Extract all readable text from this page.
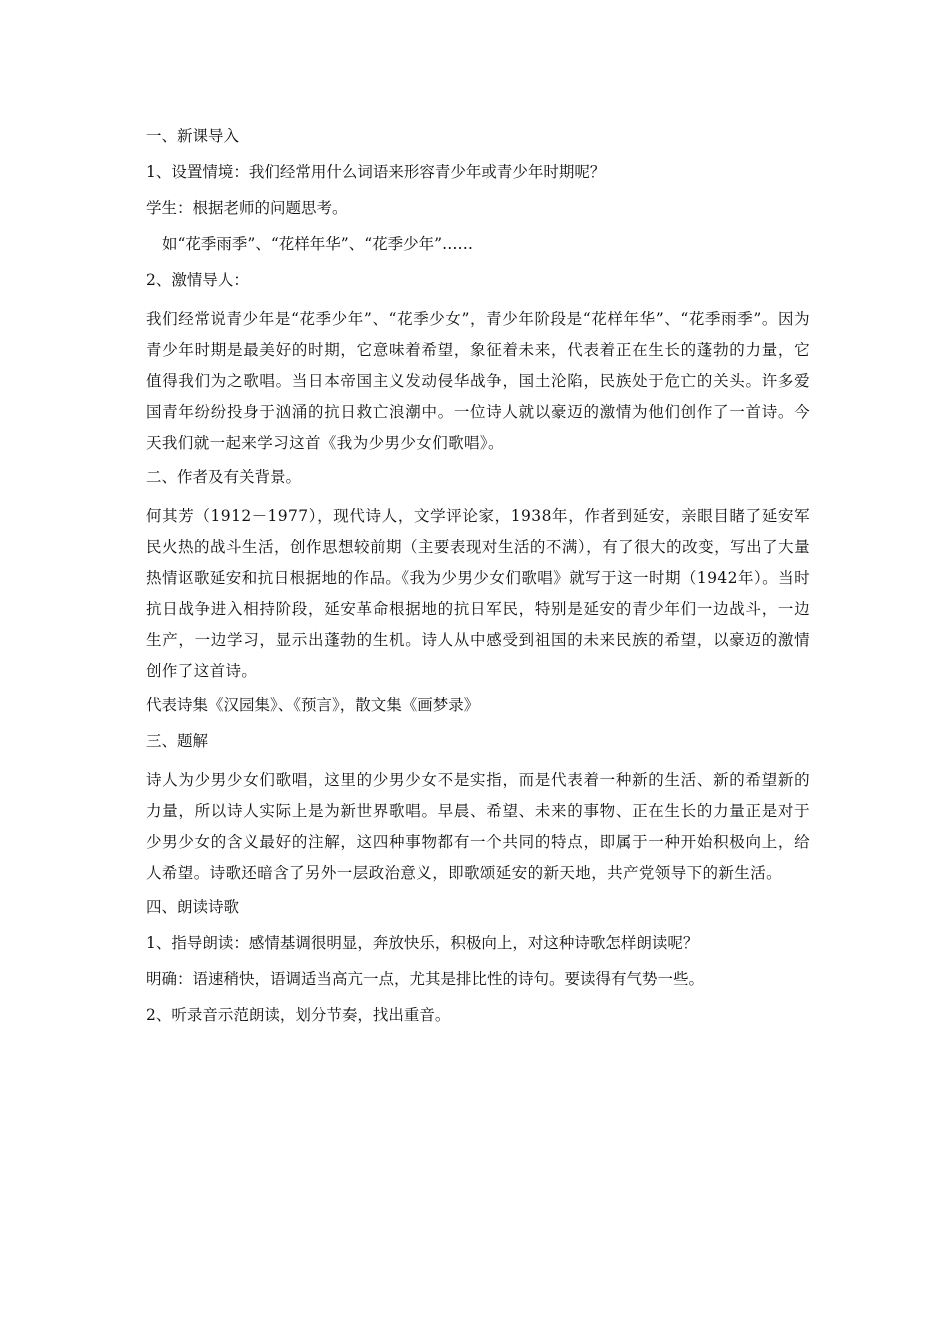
一、新课导入

1、设置情境：我们经常用什么词语来形容青少年或青少年时期呢？

学生：根据老师的问题思考。

如“花季雨季”、“花样年华”、“花季少年”……

2、激情导人：

我们经常说青少年是“花季少年”、“花季少女”，青少年阶段是“花样年华”、“花季雨季”。因为青少年时期是最美好的时期，它意味着希望，象征着未来，代表着正在生长的蓬勃的力量，它值得我们为之歌唱。当日本帝国主义发动侵华战争，国土沦陷，民族处于危亡的关头。许多爱国青年纷纷投身于汹涌的抗日救亡浪潮中。一位诗人就以豪迈的激情为他们创作了一首诗。今天我们就一起来学习这首《我为少男少女们歌唱》。

二、作者及有关背景。

何其芳（1912－1977），现代诗人，文学评论家，1938年，作者到延安，亲眼目睹了延安军民火热的战斗生活，创作思想较前期（主要表现对生活的不满），有了很大的改变，写出了大量热情讴歌延安和抗日根据地的作品。《我为少男少女们歌唱》就写于这一时期（1942年）。当时抗日战争进入相持阶段，延安革命根据地的抗日军民，特别是延安的青少年们一边战斗，一边生产，一边学习，显示出蓬勃的生机。诗人从中感受到祖国的未来民族的希望，以豪迈的激情创作了这首诗。

代表诗集《汉园集》、《预言》，散文集《画梦录》

三、题解

诗人为少男少女们歌唱，这里的少男少女不是实指，而是代表着一种新的生活、新的希望新的力量，所以诗人实际上是为新世界歌唱。早晨、希望、未来的事物、正在生长的力量正是对于少男少女的含义最好的注解，这四种事物都有一个共同的特点，即属于一种开始积极向上，给人希望。诗歌还暗含了另外一层政治意义，即歌颂延安的新天地，共产党领导下的新生活。

四、朗读诗歌

1、指导朗读：感情基调很明显，奔放快乐，积极向上，对这种诗歌怎样朗读呢？

明确：语速稍快，语调适当高亢一点，尤其是排比性的诗句。要读得有气势一些。

2、听录音示范朗读，划分节奏，找出重音。
